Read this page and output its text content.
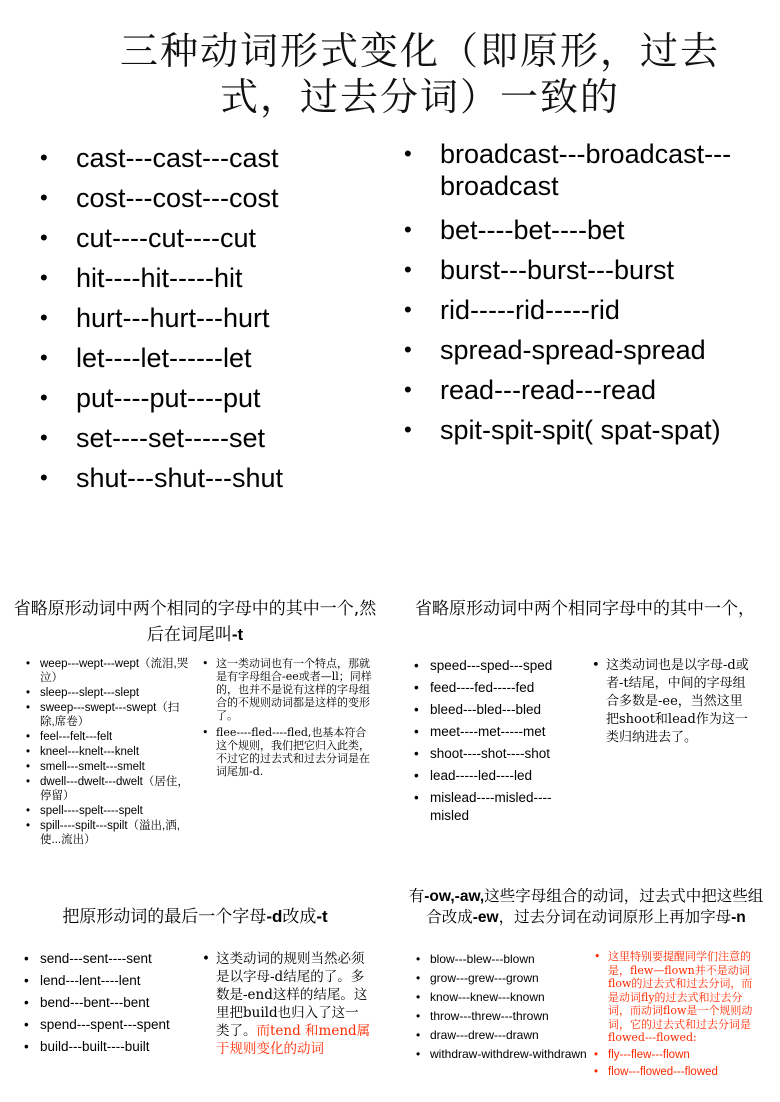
三种动词形式变化（即原形，过去式，过去分词）一致的
• cast---cast---cast
• cost---cost---cost
• cut----cut----cut
• hit----hit-----hit
• hurt---hurt---hurt
• let----let------let
• put----put----put
• set----set-----set
• shut---shut---shut
• broadcast---broadcast---broadcast
• bet----bet----bet
• burst---burst---burst
• rid-----rid-----rid
• spread-spread-spread
• read---read---read
• spit-spit-spit( spat-spat)
省略原形动词中两个相同的字母中的其中一个,然后在词尾叫-t
• weep---wept---wept（流泪,哭泣）
• sleep---slept---slept
• sweep---swept---swept（扫除,席卷）
• feel---felt---felt
• kneel---knelt---knelt
• smell---smelt---smelt
• dwell---dwelt---dwelt（居住，停留）
• spell----spelt----spelt
• spill----spilt---spilt（溢出,洒,使...流出）

• 这一类动词也有一个特点，那就是有字母组合-ee或者—ll；同样的，也并不是说有这样的字母组合的不规则动词都是这样的变形了。

• flee----fled----fled,也基本符合这个规则，我们把它归入此类，不过它的过去式和过去分词是在词尾加-d.

省略原形动词中两个相同字母中的其中一个，
• speed---sped---sped
• feed----fed-----fed
• bleed---bled---bled
• meet----met-----met
• shoot----shot----shot
• lead-----led----led
• mislead----misled----misled

• 这类动词也是以字母-d或者-t结尾，中间的字母组合多数是-ee，当然这里把shoot和lead作为这一类归纳进去了。

把原形动词的最后一个字母-d改成-t
• send---sent----sent
• lend---lent----lent
• bend---bent---bent
• spend---spent---spent
• build---built----built

• 这类动词的规则当然必须是以字母-d结尾的了。多数是-end这样的结尾。这里把build也归入了这一类了。而tend 和mend属于规则变化的动词

有-ow,-aw,这些字母组合的动词，过去式中把这些组合改成-ew，过去分词在动词原形上再加字母-n
• blow---blew---blown
• grow---grew---grown
• know---knew---known
• throw---threw---thrown
• draw---drew---drawn
• withdraw-withdrew-withdrawn

• 这里特别要提醒同学们注意的是，flew—flown并不是动词flow的过去式和过去分词，而是动词fly的过去式和过去分词，而动词flow是一个规则动词，它的过去式和过去分词是flowed---flowed:

• fly---flew---flown

• flow---flowed---flowed
